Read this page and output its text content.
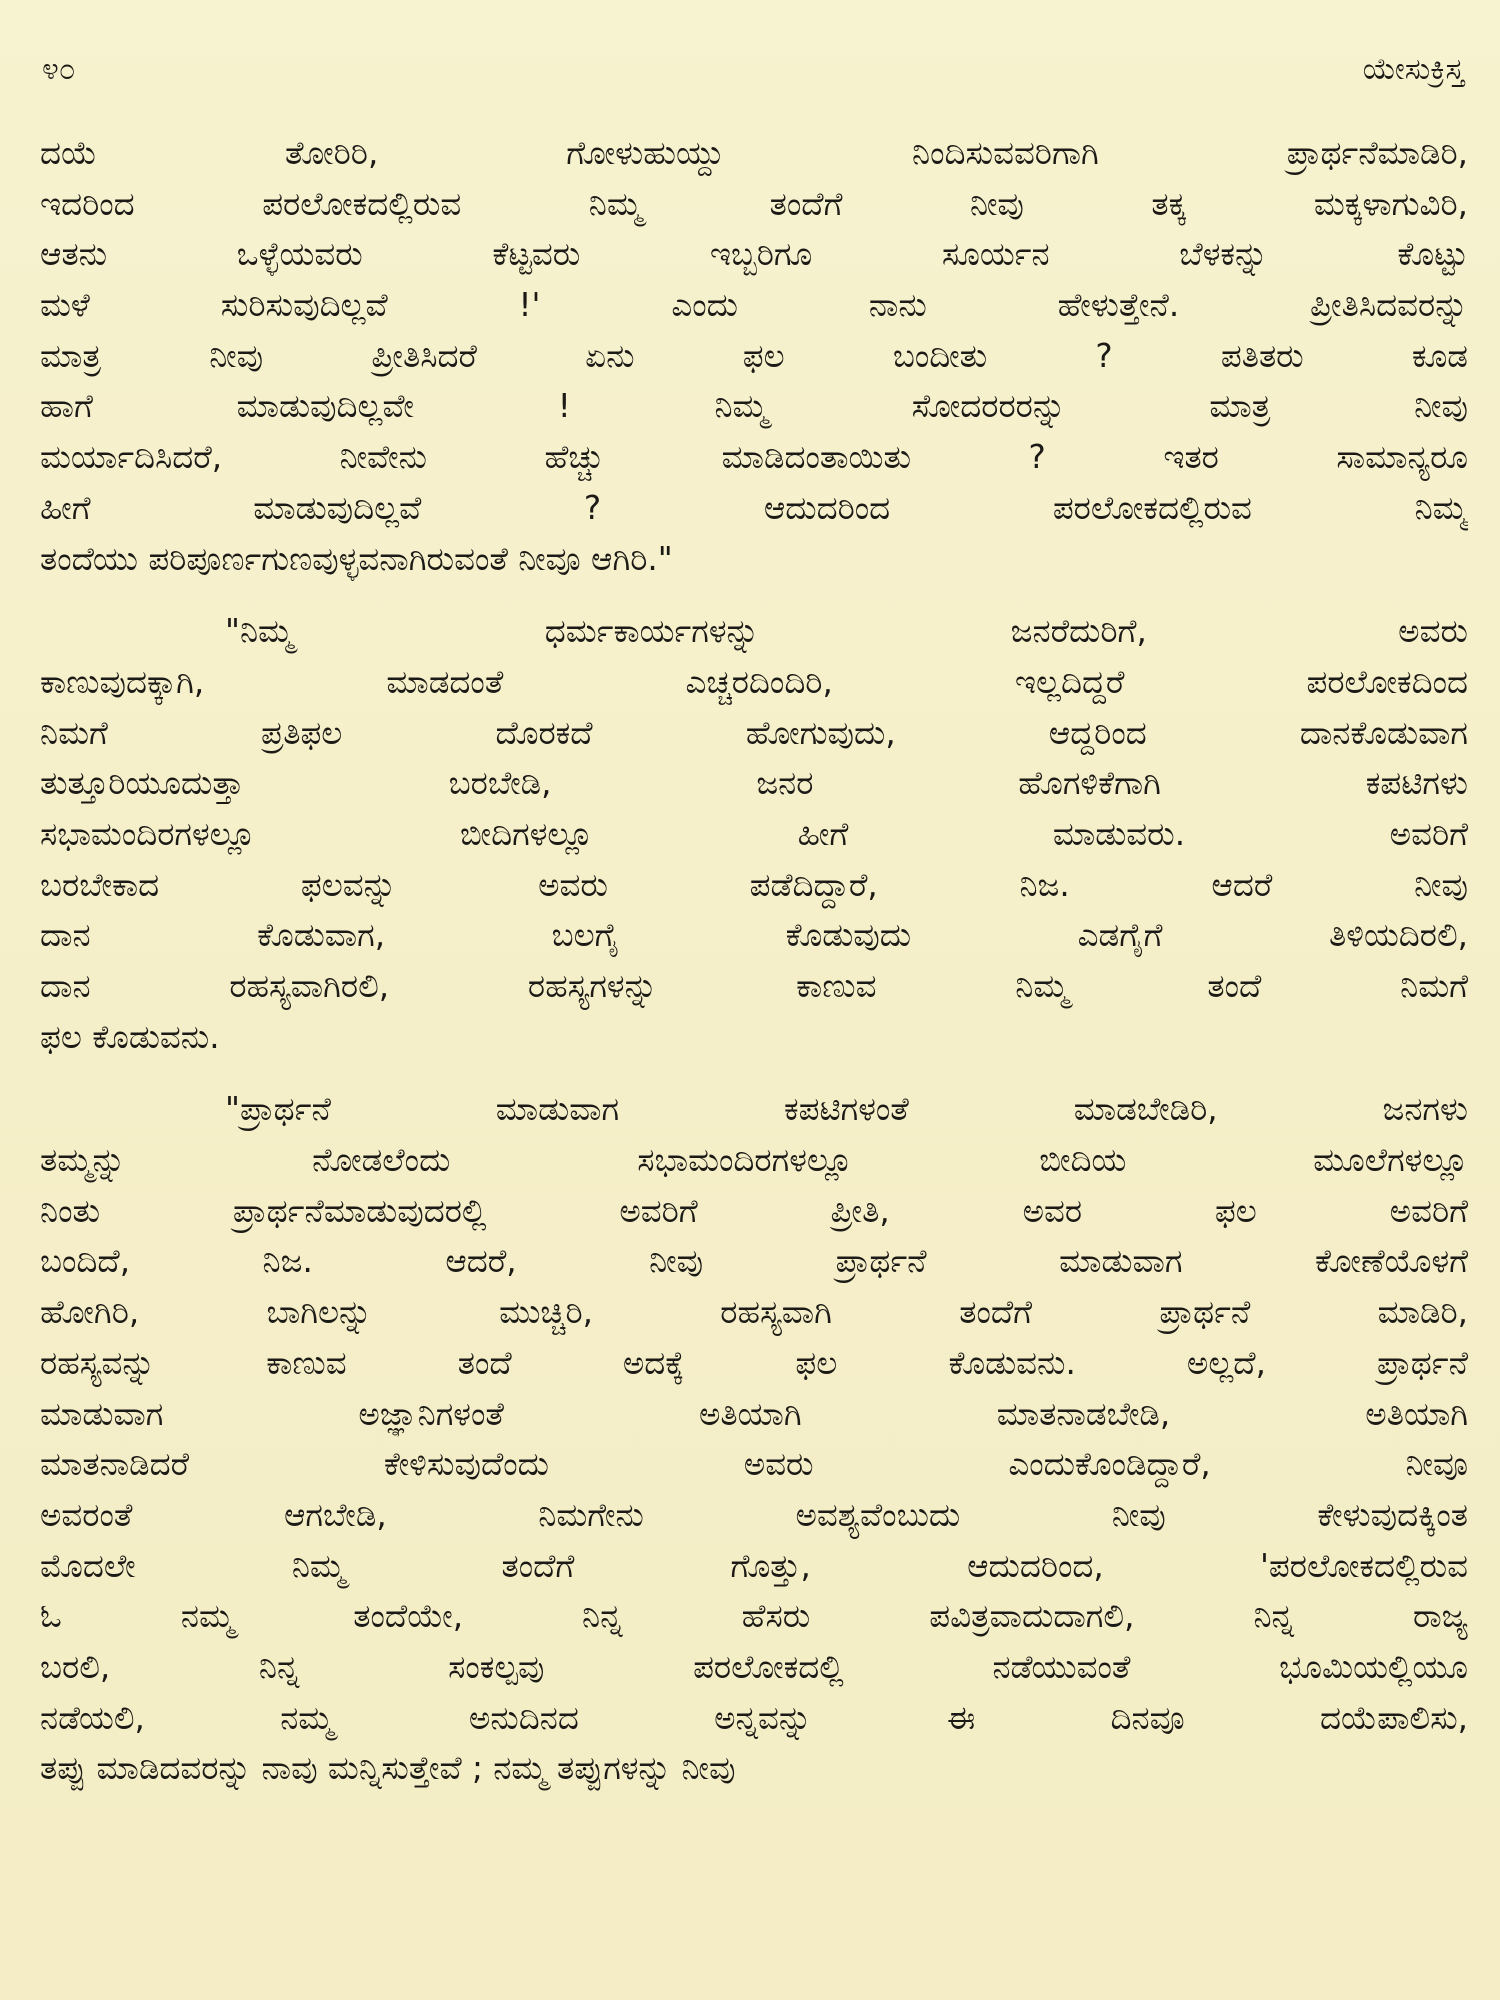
೪೦	ಯೇಸುಕ್ರಿಸ್ತ
ದಯೆ ತೋರಿರಿ, ಗೋಳುಹುಯ್ದು ನಿಂದಿಸುವವರಿಗಾಗಿ ಪ್ರಾರ್ಥನೆಮಾಡಿರಿ,
ಇದರಿಂದ ಪರಲೋಕದಲ್ಲಿರುವ ನಿಮ್ಮ ತಂದೆಗೆ ನೀವು ತಕ್ಕ ಮಕ್ಕಳಾಗುವಿರಿ,
ಆತನು ಒಳ್ಳೆಯವರು ಕೆಟ್ಟವರು ಇಬ್ಬರಿಗೂ ಸೂರ್ಯನ ಬೆಳಕನ್ನು ಕೊಟ್ಟು
ಮಳೆ ಸುರಿಸುವುದಿಲ್ಲವೆ !' ಎಂದು ನಾನು ಹೇಳುತ್ತೇನೆ. ಪ್ರೀತಿಸಿದವರನ್ನು
ಮಾತ್ರ ನೀವು ಪ್ರೀತಿಸಿದರೆ ಏನು ಫಲ ಬಂದೀತು ? ಪತಿತರು ಕೂಡ
ಹಾಗೆ ಮಾಡುವುದಿಲ್ಲವೇ ! ನಿಮ್ಮ ಸೋದರರರನ್ನು ಮಾತ್ರ ನೀವು
ಮರ್ಯಾದಿಸಿದರೆ, ನೀವೇನು ಹೆಚ್ಚು ಮಾಡಿದಂತಾಯಿತು ? ಇತರ ಸಾಮಾನ್ಯರೂ
ಹೀಗೆ ಮಾಡುವುದಿಲ್ಲವೆ ? ಆದುದರಿಂದ ಪರಲೋಕದಲ್ಲಿರುವ ನಿಮ್ಮ
ತಂದೆಯು ಪರಿಪೂರ್ಣಗುಣವುಳ್ಳವನಾಗಿರುವಂತೆ ನೀವೂ ಆಗಿರಿ."
"ನಿಮ್ಮ ಧರ್ಮಕಾರ್ಯಗಳನ್ನು ಜನರೆದುರಿಗೆ, ಅವರು
ಕಾಣುವುದಕ್ಕಾಗಿ, ಮಾಡದಂತೆ ಎಚ್ಚರದಿಂದಿರಿ, ಇಲ್ಲದಿದ್ದರೆ ಪರಲೋಕದಿಂದ
ನಿಮಗೆ ಪ್ರತಿಫಲ ದೊರಕದೆ ಹೋಗುವುದು, ಆದ್ದರಿಂದ ದಾನಕೊಡುವಾಗ
ತುತ್ತೂರಿಯೂದುತ್ತಾ ಬರಬೇಡಿ, ಜನರ ಹೊಗಳಿಕೆಗಾಗಿ ಕಪಟಿಗಳು
ಸಭಾಮಂದಿರಗಳಲ್ಲೂ ಬೀದಿಗಳಲ್ಲೂ ಹೀಗೆ ಮಾಡುವರು. ಅವರಿಗೆ
ಬರಬೇಕಾದ ಫಲವನ್ನು ಅವರು ಪಡೆದಿದ್ದಾರೆ, ನಿಜ. ಆದರೆ ನೀವು
ದಾನ ಕೊಡುವಾಗ, ಬಲಗೈ ಕೊಡುವುದು ಎಡಗೈಗೆ ತಿಳಿಯದಿರಲಿ,
ದಾನ ರಹಸ್ಯವಾಗಿರಲಿ, ರಹಸ್ಯಗಳನ್ನು ಕಾಣುವ ನಿಮ್ಮ ತಂದೆ ನಿಮಗೆ
ಫಲ ಕೊಡುವನು.
"ಪ್ರಾರ್ಥನೆ ಮಾಡುವಾಗ ಕಪಟಿಗಳಂತೆ ಮಾಡಬೇಡಿರಿ, ಜನಗಳು
ತಮ್ಮನ್ನು ನೋಡಲೆಂದು ಸಭಾಮಂದಿರಗಳಲ್ಲೂ ಬೀದಿಯ ಮೂಲೆಗಳಲ್ಲೂ
ನಿಂತು ಪ್ರಾರ್ಥನೆಮಾಡುವುದರಲ್ಲಿ ಅವರಿಗೆ ಪ್ರೀತಿ, ಅವರ ಫಲ ಅವರಿಗೆ
ಬಂದಿದೆ, ನಿಜ. ಆದರೆ, ನೀವು ಪ್ರಾರ್ಥನೆ ಮಾಡುವಾಗ ಕೋಣೆಯೊಳಗೆ
ಹೋಗಿರಿ, ಬಾಗಿಲನ್ನು ಮುಚ್ಚಿರಿ, ರಹಸ್ಯವಾಗಿ ತಂದೆಗೆ ಪ್ರಾರ್ಥನೆ ಮಾಡಿರಿ,
ರಹಸ್ಯವನ್ನು ಕಾಣುವ ತಂದೆ ಅದಕ್ಕೆ ಫಲ ಕೊಡುವನು. ಅಲ್ಲದೆ, ಪ್ರಾರ್ಥನೆ
ಮಾಡುವಾಗ ಅಜ್ಞಾನಿಗಳಂತೆ ಅತಿಯಾಗಿ ಮಾತನಾಡಬೇಡಿ, ಅತಿಯಾಗಿ
ಮಾತನಾಡಿದರೆ ಕೇಳಿಸುವುದೆಂದು ಅವರು ಎಂದುಕೊಂಡಿದ್ದಾರೆ, ನೀವೂ
ಅವರಂತೆ ಆಗಬೇಡಿ, ನಿಮಗೇನು ಅವಶ್ಯವೆಂಬುದು ನೀವು ಕೇಳುವುದಕ್ಕಿಂತ
ಮೊದಲೇ ನಿಮ್ಮ ತಂದೆಗೆ ಗೊತ್ತು, ಆದುದರಿಂದ, 'ಪರಲೋಕದಲ್ಲಿರುವ
ಓ ನಮ್ಮ ತಂದೆಯೇ, ನಿನ್ನ ಹೆಸರು ಪವಿತ್ರವಾದುದಾಗಲಿ, ನಿನ್ನ ರಾಜ್ಯ
ಬರಲಿ, ನಿನ್ನ ಸಂಕಲ್ಪವು ಪರಲೋಕದಲ್ಲಿ ನಡೆಯುವಂತೆ ಭೂಮಿಯಲ್ಲಿಯೂ
ನಡೆಯಲಿ, ನಮ್ಮ ಅನುದಿನದ ಅನ್ನವನ್ನು ಈ ದಿನವೂ ದಯೆಪಾಲಿಸು,
ತಪ್ಪು ಮಾಡಿದವರನ್ನು ನಾವು ಮನ್ನಿಸುತ್ತೇವೆ ; ನಮ್ಮ ತಪ್ಪುಗಳನ್ನು ನೀವು
